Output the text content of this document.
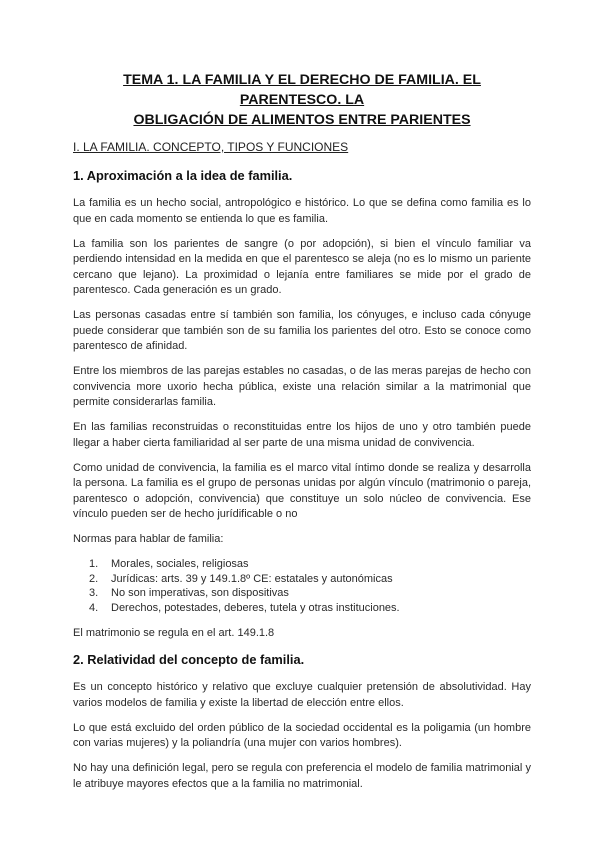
TEMA 1. LA FAMILIA Y EL DERECHO DE FAMILIA. EL PARENTESCO. LA
OBLIGACIÓN DE ALIMENTOS ENTRE PARIENTES
I. LA FAMILIA. CONCEPTO, TIPOS Y FUNCIONES
1. Aproximación a la idea de familia.

La familia es un hecho social, antropológico e histórico. Lo que se defina como familia es lo que en cada momento se entienda lo que es familia.

La familia son los parientes de sangre (o por adopción), si bien el vínculo familiar va perdiendo intensidad en la medida en que el parentesco se aleja (no es lo mismo un pariente cercano que lejano). La proximidad o lejanía entre familiares se mide por el grado de parentesco. Cada generación es un grado.

Las personas casadas entre sí también son familia, los cónyuges, e incluso cada cónyuge puede considerar que también son de su familia los parientes del otro. Esto se conoce como parentesco de afinidad.

Entre los miembros de las parejas estables no casadas, o de las meras parejas de hecho con convivencia more uxorio hecha pública, existe una relación similar a la matrimonial que permite considerarlas familia.

En las familias reconstruidas o reconstituidas entre los hijos de uno y otro también puede llegar a haber cierta familiaridad al ser parte de una misma unidad de convivencia.

Como unidad de convivencia, la familia es el marco vital íntimo donde se realiza y desarrolla la persona. La familia es el grupo de personas unidas por algún vínculo (matrimonio o pareja, parentesco o adopción, convivencia) que constituye un solo núcleo de convivencia. Ese vínculo pueden ser de hecho jurídificable o no

Normas para hablar de familia:

1.	Morales, sociales, religiosas
2.	Jurídicas: arts. 39 y 149.1.8º CE: estatales y autonómicas
3.	No son imperativas, son dispositivas
4.	Derechos, potestades, deberes, tutela y otras instituciones.

El matrimonio se regula en el art. 149.1.8

2. Relatividad del concepto de familia.

Es un concepto histórico y relativo que excluye cualquier pretensión de absolutividad. Hay varios modelos de familia y existe la libertad de elección entre ellos.

Lo que está excluido del orden público de la sociedad occidental es la poligamia (un hombre con varias mujeres) y la poliandría (una mujer con varios hombres).

No hay una definición legal, pero se regula con preferencia el modelo de familia matrimonial y le atribuye mayores efectos que a la familia no matrimonial.
